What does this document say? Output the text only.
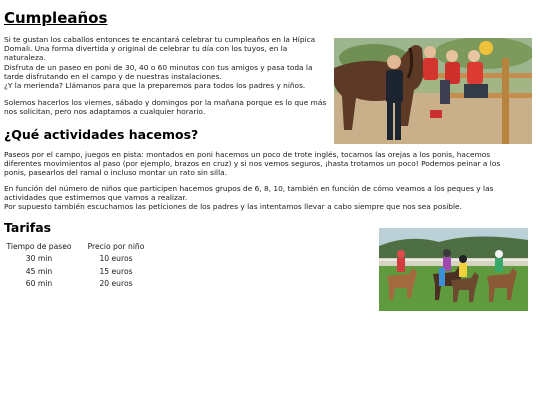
Cumpleaños

Si te gustan los caballos entonces te encantará celebrar tu cumpleaños en la Hípica Domali. Una forma divertida y original de celebrar tu día con los tuyos, en la naturaleza.

Disfruta de un paseo en poni de 30, 40 o 60 minutos con tus amigos y pasa toda la tarde disfrutando en el campo y de nuestras instalaciones.

¿Y la merienda? Llámanos para que la preparemos para todos los padres y niños.

Solemos hacerlos los viernes, sábado y domingos por la mañana porque es lo que más nos solicitan, pero nos adaptamos a cualquier horario.

¿Qué actividades hacemos?

Paseos por el campo, juegos en pista: montados en poni hacemos un poco de trote inglés, tocamos las orejas a los ponis, hacemos diferentes movimientos al paso (por ejemplo, brazos en cruz) y si nos vemos seguros, ¡hasta trotamos un poco! Podemos peinar a los ponis, pasearlos del ramal o incluso montar un rato sin silla.

En función del número de niños que participen hacemos grupos de 6, 8, 10, también en función de cómo veamos a los peques y las actividades que estimemos que vamos a realizar.

Por supuesto también escuchamos las peticiones de los padres y las intentamos llevar a cabo siempre que nos sea posible.

Tarifas
Tiempo de paseo	Precio por niño
30 min	10 euros
45 min	15 euros
60 min	20 euros
